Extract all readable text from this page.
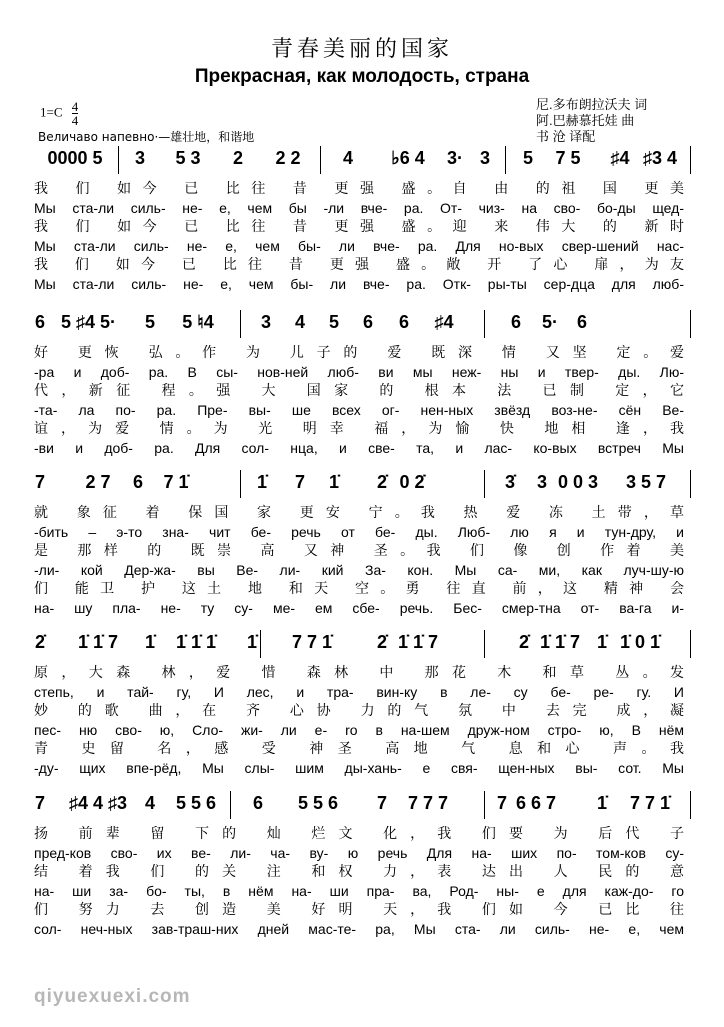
青春美丽的国家
Прекрасная, как молодость, страна
$1=C \frac{4}{4}$
Величаво напевно·—雄壮地，和谐地
尼.多布朗拉沃夫 词
阿.巴赫慕托娃 曲
书 沧 译配
0000 5 3 5 3 2 2 2 4 ♭6 4 3· 3 5 7 5 ♯4 ♯3 4
我 们 如今 已 比往 昔 更强 盛。自 由 的祖 国 更美
Мы ста-ли силь- не- е, чем бы -ли вче- ра. От- чиз- на сво- бо-ды щед-
我 们 如今 已 比往 昔 更强 盛。迎 来 伟大 的 新时
Мы ста-ли силь- не- е, чем бы- ли вче- ра. Для но-вых свер-шений нас-
我 们 如今 已 比往 昔 更强 盛。敞 开 了心 扉，为友
Мы ста-ли силь- не- е, чем бы- ли вче- ра. Отк- ры-ты сер-дца для люб-
6 5 ♯4 5· 5 5 ♮4	3 4 5 6 6 ♯4	6 5· 6
好 更恢 弘。作 为 儿子的 爱 既深 情 又坚 定。爱
-ра и доб- ра. В сы- нов-ней люб- ви мы неж- ны и твер- ды. Лю-
代，新征 程。强 大 国家 的 根本 法 已制 定，它
-та- ла по- ра. Пре- вы- ше всех ог- нен-ных звёзд воз-не- сён Ве-
谊，为爱 情。为 光 明幸 福，为愉 快 地相 逢，我
-ви и доб- ра. Для сол- нца, и све- та, и лас- ко-вых встреч Мы
7 2 7 6 7 1̇	1̇ 7 1̇ 2̇ 0 2̇	3̇ 3 0 0 3 3 5 7
就 象征 着 保国 家 更安 宁。我 热 爱 冻 土带，草
-бить – э-то зна- чит бе- речь от бе- ды. Люб- лю я и тун-дру, и
是 那样 的 既崇 高 又神 圣。我 们 像 创 作着 美
-ли- кой Дер-жа- вы Ве- ли- кий За- кон. Мы са- ми, как луч-шу-ю
们 能卫 护 这土 地 和天 空。勇 往直 前，这 精神 会
на- шу пла- не- ту су- ме- ем сбе- речь. Бес- смер-тна от- ва-га и-
2̇ 1̇ 1̇ 7 1̇ 1̇ 1̇ 1̇ 1̇ 7 7 1̇ 2̇ 1̇ 1̇ 7	2̇ 1̇ 1̇ 7 1̇ 1̇ 0 1̇
原，大森 林，爱 惜 森林 中 那花 木 和草 丛。发
степь, и тай- гу, И лес, и тра- вин-ку в ле- су бе- ре- гу. И
妙 的歌 曲，在 齐 心协 力的气 氛 中 去完 成，凝
пес- ню сво- ю, Сло- жи- ли е- ro в на-шем друж-ном стро- ю, В нём
青 史留 名，感 受 神圣 高地 气 息和心 声。我
-ду- щих впе-рёд, Мы слы- шим ды-хань- е свя- щен-ных вы- сот. Мы
7 ♯4 4 ♯3 4 5 5 6 6 5 5 6 7 7 7 7	7 6 6 7 1̇ 7 7 1̇
扬 前辈 留 下的 灿 烂文 化，我 们要 为 后代 子
пред-ков сво- их ве- ли- ча- ву- ю речь Для на- ших по- том-ков су-
结 着我 们 的关 注 和权 力，表 达出 人 民的 意
на- ши за- бо- ты, в нём на- ши пра- ва, Род- ны- е для каж-до- го
们 努力 去 创造 美 好明 天，我 们如 今 已比 往
сол- неч-ных зав-траш-них дней мас-те- ра, Мы ста- ли силь- не- е, чем
qiyuexuexi.com
